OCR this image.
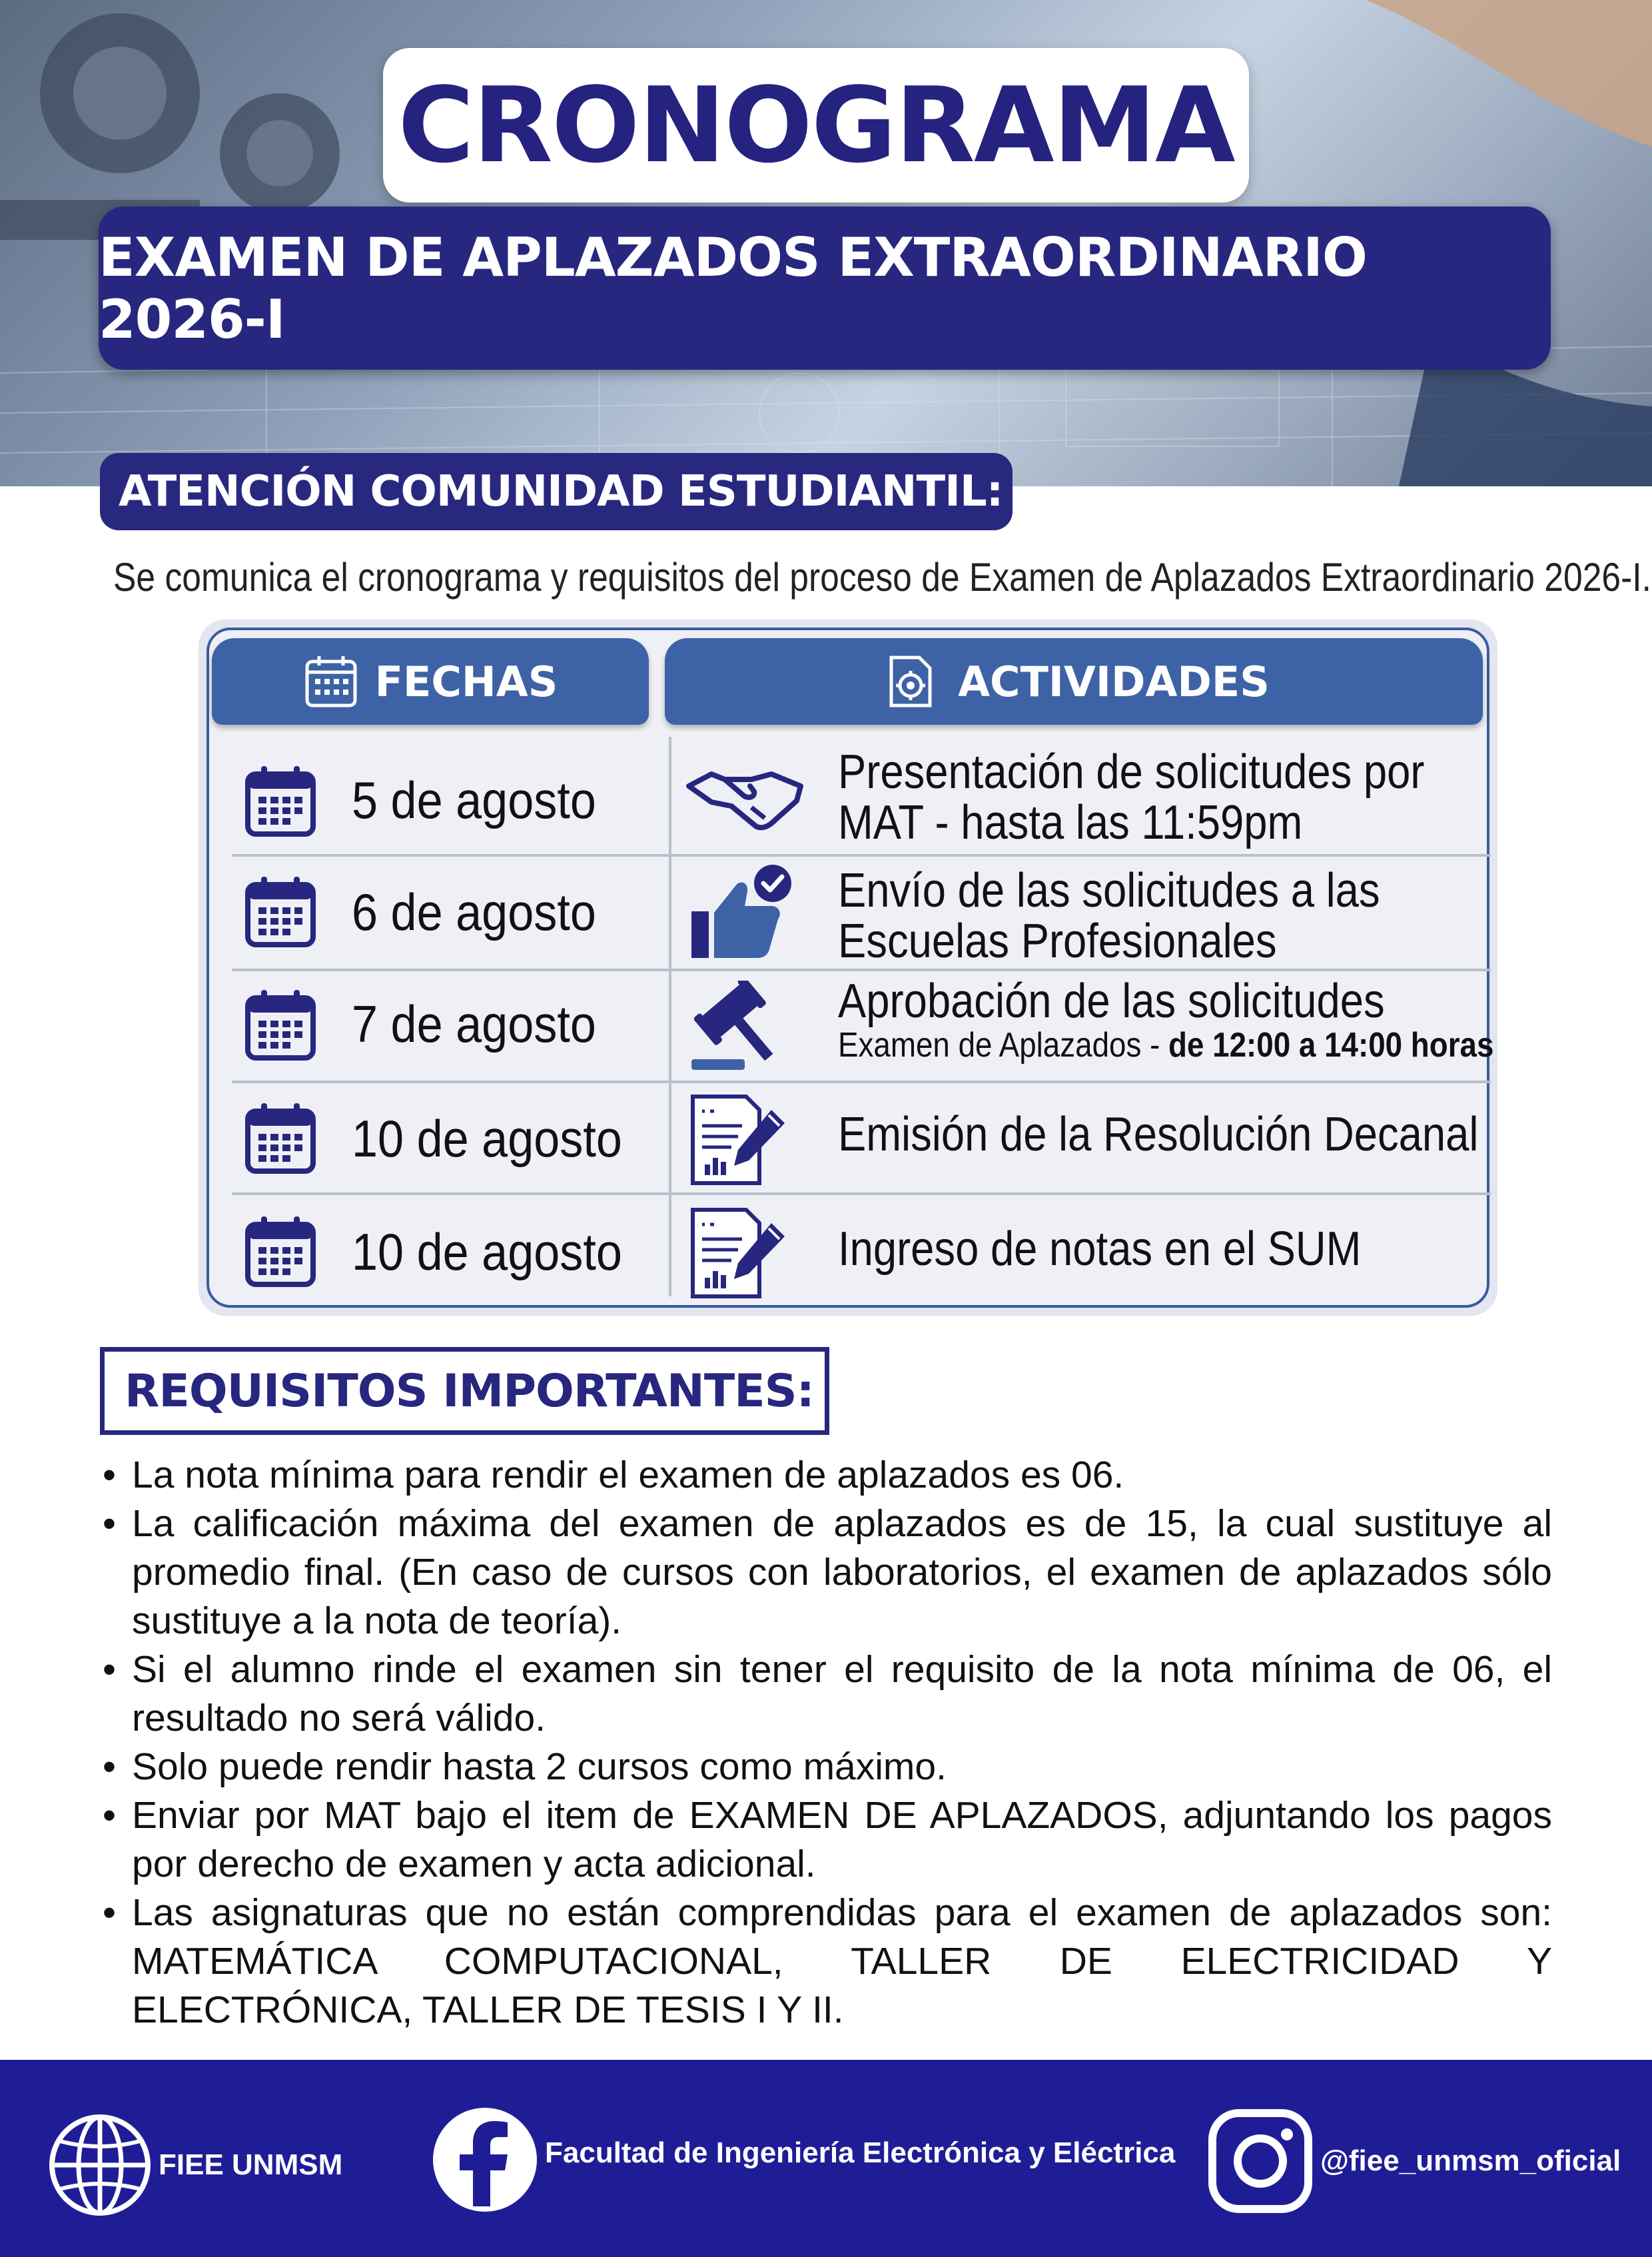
CRONOGRAMA
EXAMEN DE APLAZADOS EXTRAORDINARIO 2026-I
ATENCIÓN COMUNIDAD ESTUDIANTIL:
Se comunica el cronograma y requisitos del proceso de Examen de Aplazados Extraordinario 2026-I.
FECHAS	ACTIVIDADES
5 de agosto	Presentación de solicitudes por
MAT - hasta las 11:59pm
6 de agosto	Envío de las solicitudes a las
Escuelas Profesionales
7 de agosto	Aprobación de las solicitudes
Examen de Aplazados - de 12:00 a 14:00 horas
10 de agosto	Emisión de la Resolución Decanal
10 de agosto	Ingreso de notas en el SUM
REQUISITOS IMPORTANTES:
• La nota mínima para rendir el examen de aplazados es 06.
• La calificación máxima del examen de aplazados es de 15, la cual sustituye al promedio final. (En caso de cursos con laboratorios, el examen de aplazados sólo sustituye a la nota de teoría).
• Si el alumno rinde el examen sin tener el requisito de la nota mínima de 06, el resultado no será válido.
• Solo puede rendir hasta 2 cursos como máximo.
• Enviar por MAT bajo el item de EXAMEN DE APLAZADOS, adjuntando los pagos por derecho de examen y acta adicional.
• Las asignaturas que no están comprendidas para el examen de aplazados son: MATEMÁTICA COMPUTACIONAL, TALLER DE ELECTRICIDAD Y ELECTRÓNICA, TALLER DE TESIS I Y II.
FIEE UNMSM	Facultad de Ingeniería Electrónica y Eléctrica	@fiee_unmsm_oficial
